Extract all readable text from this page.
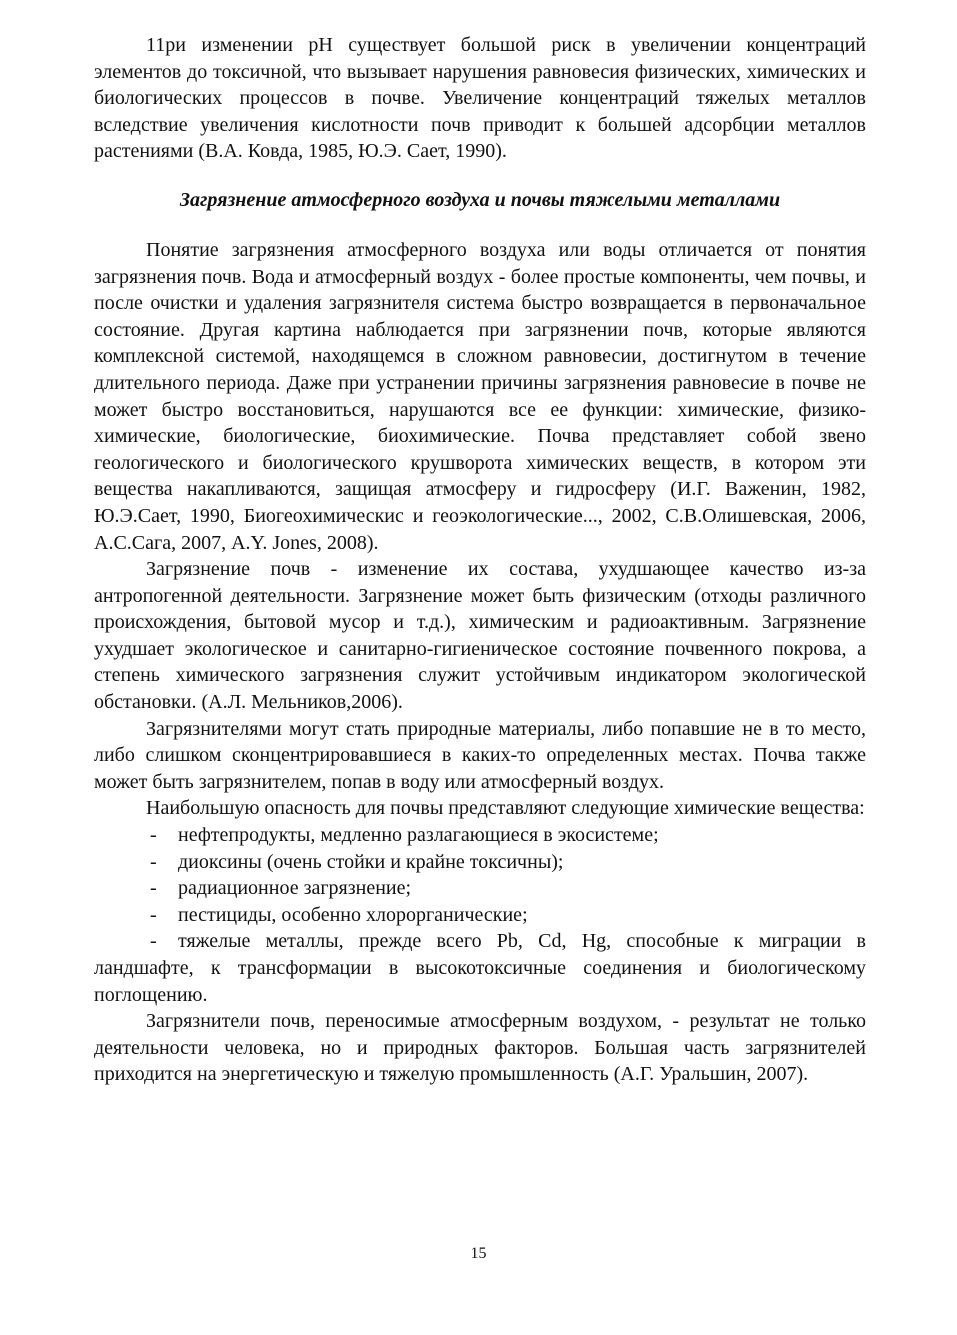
11ри изменении pH существует большой риск в увеличении концентраций элементов до токсичной, что вызывает нарушения равновесия физических, химических и биологических процессов в почве. Увеличение концентраций тяжелых металлов вследствие увеличения кислотности почв приводит к большей адсорбции металлов растениями (В.А. Ковда, 1985, Ю.Э. Сает, 1990).

Загрязнение атмосферного воздуха и почвы тяжелыми металлами

Понятие загрязнения атмосферного воздуха или воды отличается от понятия загрязнения почв. Вода и атмосферный воздух - более простые компоненты, чем почвы, и после очистки и удаления загрязнителя система быстро возвращается в первоначальное состояние. Другая картина наблюдается при загрязнении почв, которые являются комплексной системой, находящемся в сложном равновесии, достигнутом в течение длительного периода. Даже при устранении причины загрязнения равновесие в почве не может быстро восстановиться, нарушаются все ее функции: химические, физико-химические, биологические, биохимические. Почва представляет собой звено геологического и биологического крушворота химических веществ, в котором эти вещества накапливаются, защищая атмосферу и гидросферу (И.Г. Важенин, 1982, Ю.Э.Сает, 1990, Биогеохимическис и геоэкологические..., 2002, С.В.Олишевская, 2006, А.С.Сага, 2007, A.Y. Jones, 2008).

Загрязнение почв - изменение их состава, ухудшающее качество из-за антропогенной деятельности. Загрязнение может быть физическим (отходы различного происхождения, бытовой мусор и т.д.), химическим и радиоактивным. Загрязнение ухудшает экологическое и санитарно-гигиеническое состояние почвенного покрова, а степень химического загрязнения служит устойчивым индикатором экологической обстановки. (А.Л. Мельников,2006).

Загрязнителями могут стать природные материалы, либо попавшие не в то место, либо слишком сконцентрировавшиеся в каких-то определенных местах. Почва также может быть загрязнителем, попав в воду или атмосферный воздух.

Наибольшую опасность для почвы представляют следующие химические вещества:

- нефтепродукты, медленно разлагающиеся в экосистеме;
- диоксины (очень стойки и крайне токсичны);
- радиационное загрязнение;
- пестициды, особенно хлорорганические;
- тяжелые металлы, прежде всего Pb, Cd, Hg, способные к миграции в ландшафте, к трансформации в высокотоксичные соединения и биологическому поглощению.

Загрязнители почв, переносимые атмосферным воздухом, - результат не только деятельности человека, но и природных факторов. Большая часть загрязнителей приходится на энергетическую и тяжелую промышленность (А.Г. Уральшин, 2007).

15
